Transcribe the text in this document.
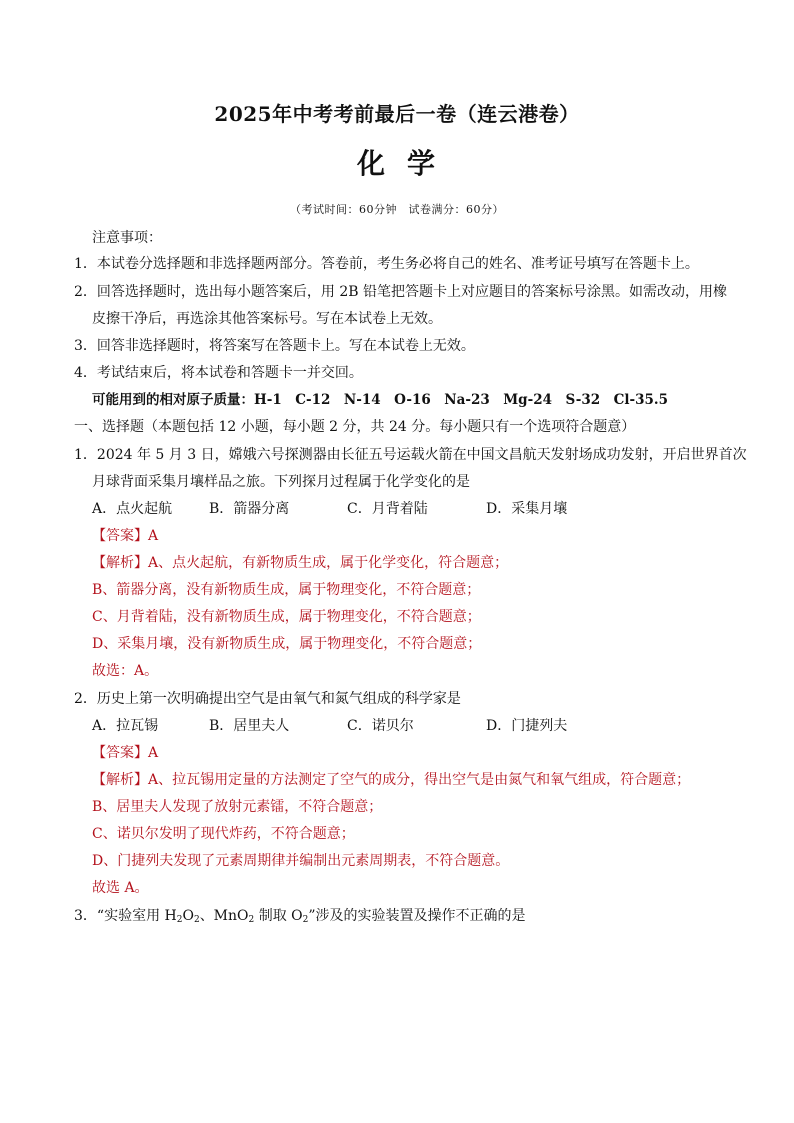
2025年中考考前最后一卷（连云港卷）
化学
（考试时间：60分钟　试卷满分：60分）
注意事项：
1．本试卷分选择题和非选择题两部分。答卷前，考生务必将自己的姓名、准考证号填写在答题卡上。
2．回答选择题时，选出每小题答案后，用 2B 铅笔把答题卡上对应题目的答案标号涂黑。如需改动，用橡
皮擦干净后，再选涂其他答案标号。写在本试卷上无效。
3．回答非选择题时，将答案写在答题卡上。写在本试卷上无效。
4．考试结束后，将本试卷和答题卡一并交回。
可能用到的相对原子质量：H-1　C-12　N-14　O-16　Na-23　Mg-24　S-32　Cl-35.5
一、选择题（本题包括 12 小题，每小题 2 分，共 24 分。每小题只有一个选项符合题意）
1．2024 年 5 月 3 日，嫦娥六号探测器由长征五号运载火箭在中国文昌航天发射场成功发射，开启世界首次
月球背面采集月壤样品之旅。下列探月过程属于化学变化的是
A．点火起航	B．箭器分离	C．月背着陆	D．采集月壤
【答案】A
【解析】A、点火起航，有新物质生成，属于化学变化，符合题意；
B、箭器分离，没有新物质生成，属于物理变化，不符合题意；
C、月背着陆，没有新物质生成，属于物理变化，不符合题意；
D、采集月壤，没有新物质生成，属于物理变化，不符合题意；
故选：A。
2．历史上第一次明确提出空气是由氧气和氮气组成的科学家是
A．拉瓦锡	B．居里夫人	C．诺贝尔	D．门捷列夫
【答案】A
【解析】A、拉瓦锡用定量的方法测定了空气的成分，得出空气是由氮气和氧气组成，符合题意；
B、居里夫人发现了放射元素镭，不符合题意；
C、诺贝尔发明了现代炸药，不符合题意；
D、门捷列夫发现了元素周期律并编制出元素周期表，不符合题意。
故选 A。
3．“实验室用 $H_2O_2$、MnO$_2$ 制取 $O_2$”涉及的实验装置及操作不正确的是
